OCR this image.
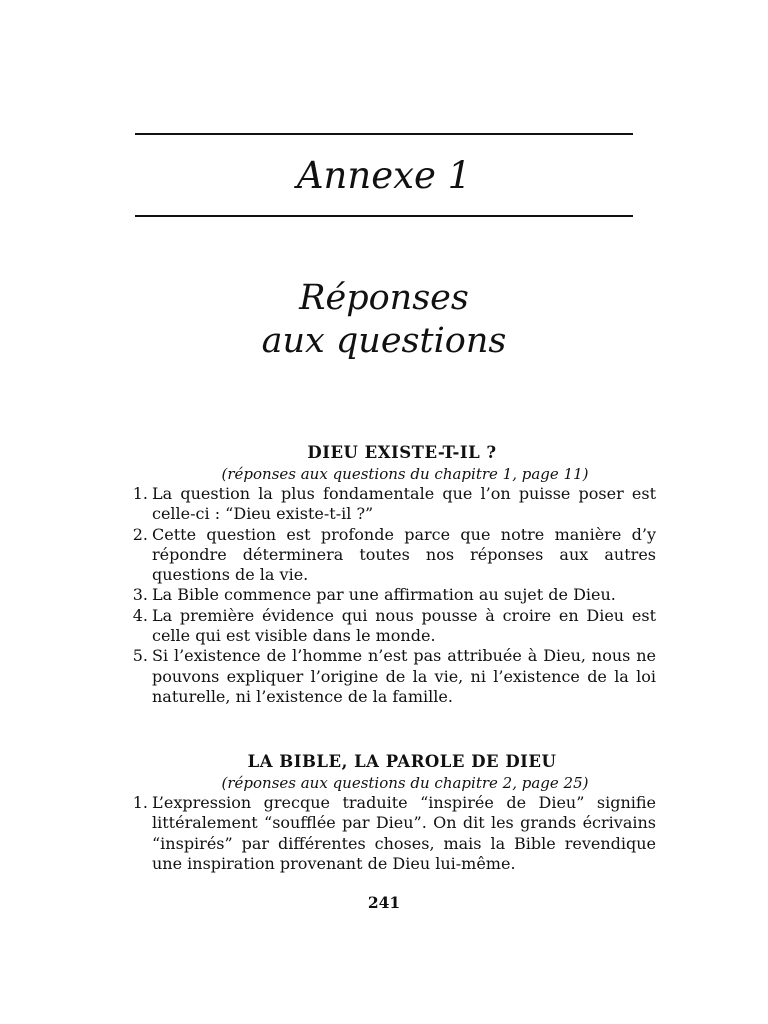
Annexe 1
Réponses
aux questions
DIEU EXISTE-T-IL ?

(réponses aux questions du chapitre 1, page 11)

1. La question la plus fondamentale que l’on puisse poser est celle-ci : “Dieu existe-t-il ?”
2. Cette question est profonde parce que notre manière d’y répondre déterminera toutes nos réponses aux autres questions de la vie.
3. La Bible commence par une affirmation au sujet de Dieu.
4. La première évidence qui nous pousse à croire en Dieu est celle qui est visible dans le monde.
5. Si l’existence de l’homme n’est pas attribuée à Dieu, nous ne pouvons expliquer l’origine de la vie, ni l’existence de la loi naturelle, ni l’existence de la famille.
LA BIBLE, LA PAROLE DE DIEU

(réponses aux questions du chapitre 2, page 25)

1. L’expression grecque traduite “inspirée de Dieu” signifie littéralement “soufflée par Dieu”. On dit les grands écrivains “inspirés” par différentes choses, mais la Bible revendique une inspiration provenant de Dieu lui-même.

241
